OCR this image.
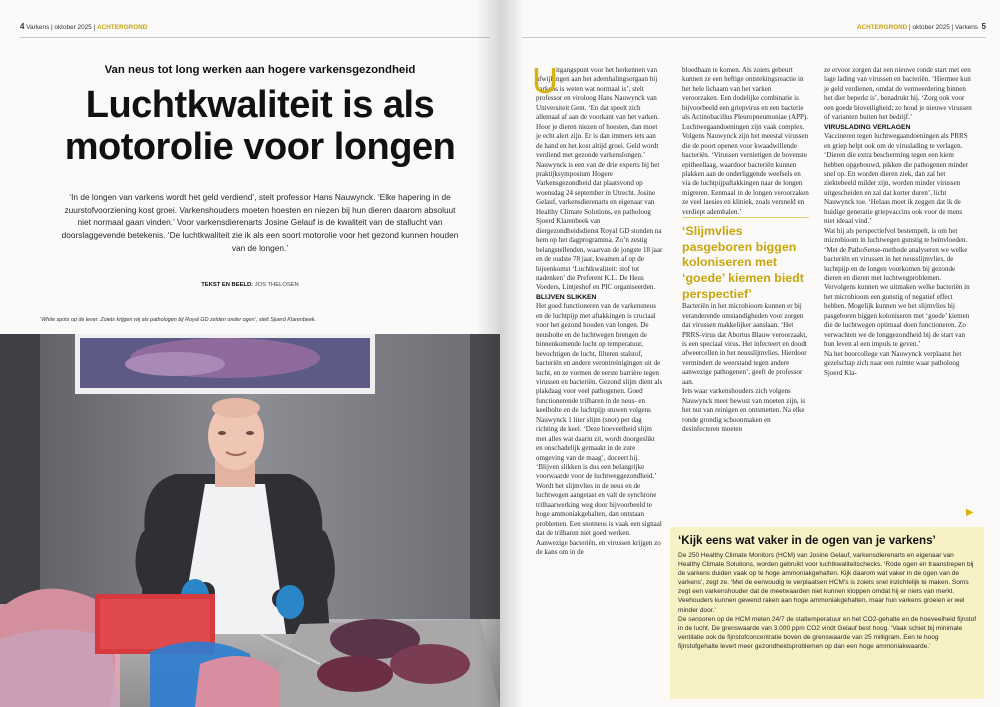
4 Varkens | oktober 2025 | ACHTERGROND
Van neus tot long werken aan hogere varkensgezondheid
Luchtkwaliteit is als
motorolie voor longen

‘In de longen van varkens wordt het geld verdiend’, stelt professor Hans Nauwynck. ‘Elke hapering in de zuurstofvoorziening kost groei. Varkenshouders moeten hoesten en niezen bij hun dieren daarom absoluut niet normaal gaan vinden.’ Voor varkensdierenarts Josine Gelauf is de kwaliteit van de stallucht van doorslaggevende betekenis. ‘De luchtkwaliteit zie ik als een soort motorolie voor het gezond kunnen houden van de longen.’

TEKST EN BEELD: JOS THELOSEN

‘White spots op de lever. Zoiets krijgen wij als pathologen bij Royal GD zelden onder ogen’, stelt Sjoerd Klarenbeek.

ACHTERGROND | oktober 2025 | Varkens 5
U

itgangspunt voor het herkennen van afwijkingen aan het ademhalingsorgaan bij varkens is weten wat normaal is’, stelt professor en viroloog Hans Nauwynck van Universiteit Gent. ‘En dat speelt zich allemaal af aan de voorkant van het varken. Hoor je dieren niezen of hoesten, dan moet je echt alert zijn. Er is dan immers iets aan de hand en het kost altijd groei. Geld wordt verdiend met gezonde varkenslongen.’

Nauwynck is een van de drie experts bij het praktijksymposium Hogere Varkensgezondheid dat plaatsvond op woensdag 24 september in Utrecht. Josine Gelauf, varkensdierenarts en eigenaar van Healthy Climate Solutions, en patholoog Sjoerd Klarenbeek van diergezondheidsdienst Royal GD stonden na hem op het dagprogramma. Zo’n zestig belangstellenden, waarvan de jongste 18 jaar en de oudste 78 jaar, kwamen af op de bijeenkomst ‘Luchtkwaliteit: stof tot nadenken’ die Preferent K.L. De Heus Voeders, Lintjeshof en PIC organiseerden.

BLIJVEN SLIKKEN

Het goed functioneren van de varkensneus en de luchtpijp met aftakkingen is cruciaal voor het gezond houden van longen. De neusholte en de luchtwegen brengen de binnenkomende lucht op temperatuur, bevochtigen de lucht, filteren stalstof, bacteriën en andere verontreinigingen uit de lucht, en ze vormen de eerste barrière tegen virussen en bacteriën. Gezond slijm dient als plakdaag voor veel pathogenen. Goed functionerende trilharen in de neus- en keelholte en de luchtpijp stuwen volgens Nauwynck 1 liter slijm (snot) per dag richting de keel. ‘Deze hoeveelheid slijm met alles wat daarin zit, wordt doorgeslikt en onschadelijk gemaakt in de zure omgeving van de maag’, doceert hij. ‘Blijven slikken is dus een belangrijke voorwaarde voor de luchtweggezondheid.’

Wordt het slijmvlies in de neus en de luchtwegen aangetast en valt de synchrone trilhaarwerking weg door bijvoorbeeld te hoge ammoniakgehalten, dan ontstaan problemen. Een snotneus is vaak een signaal dat de trilharen niet goed werken. Aanwezige bacteriën, en virussen krijgen zo de kans om in de

bloedbaan te komen. Als zoiets gebeurt kunnen ze een heftige ontstekingsreactie in het hele lichaam van het varken veroorzaken. Een dodelijke combinatie is bijvoorbeeld een griepvirus en een bacterie als Actinobacillus Pleuropneumoniae (APP).

Luchtwegaandoeningen zijn vaak complex. Volgens Nauwynck zijn het meestal virussen die de poort openen voor kwaadwillende bacteriën. ‘Virussen vernietigen de bovenste epitheellaag, waardoor bacteriën kunnen plakken aan de onderliggende weefsels en via de luchtpijpaftakkingen naar de longen migreren. Eenmaal in de longen veroorzaken ze veel laesies en kliniek, zoals versneld en verdiept ademhalen.’

‘Slijmvlies pasgeboren biggen koloniseren met ‘goede’ kiemen biedt perspectief’

Bacteriën in het microbioom kunnen er bij veranderende omstandigheden voor zorgen dat virussen makkelijker aanslaan. ‘Het PRRS-virus dat Abortus Blauw veroorzaakt, is een speciaal virus. Het infecteert en doodt afweercellen in het neusslijmvlies. Hierdoor vermindert de weerstand tegen andere aanwezige pathogenen’, geeft de professor aan.

Iets waar varkenshouders zich volgens Nauwynck meer bewust van moeten zijn, is het nut van reinigen en ontsmetten. Na elke ronde grondig schoonmaken en desinfecteren moeten

ze ervoor zorgen dat een nieuwe ronde start met een lage lading van virussen en bacteriën. ‘Hiermee kun je geld verdienen, omdat de vermeerdering binnen het dier beperkt is’, benadrukt hij. ‘Zorg ook voor een goede bioveiligheid; zo houd je nieuwe virussen of varianten buiten het bedrijf.’

VIRUSLADING VERLAGEN

Vaccineren tegen luchtwegaandoeningen als PRRS en griep helpt ook om de viruslading te verlagen. ‘Dieren die extra bescherming tegen een kiem hebben opgebouwd, pikken die pathogenen minder snel op. En worden dieren ziek, dan zal het ziektebeeld milder zijn, worden minder virussen uitgescheiden en zal dat korter duren’, licht Nauwynck toe. ‘Helaas moet ik zeggen dat ik de huidige generatie griepvaccins ook voor de mens niet ideaal vind.’

Wat hij als perspectiefvol bestempelt, is om het microbioom in luchtwegen gunstig te beïnvloeden. ‘Met de PathoSense-methode analyseren we welke bacteriën en virussen in het neusslijmvlies, de luchtpijp en de longen voorkomen bij gezonde dieren en dieren met luchtwegproblemen. Vervolgens kunnen we uitmaken welke bacteriën in het microbioom een gunstig of negatief effect hebben. Mogelijk kunnen we het slijmvlies bij pasgeboren biggen koloniseren met ‘goede’ kiemen die de luchtwegen optimaal doen functioneren. Zo verwachten we de longgezondheid bij de start van hun leven al een impuls te geven.’

Na het boorcollege van Nauwynck verplaatst het gezelschap zich naar een ruimte waar patholoog Sjoerd Kla-

▶
‘Kijk eens wat vaker in de ogen van je varkens’

De 250 Healthy Climate Monitors (HCM) van Josine Gelauf, varkensdierenarts en eigenaar van Healthy Climate Solutions, worden gebruikt voor luchtkwaliteitschecks. ‘Rode ogen en traanstrepen bij de varkens duiden vaak op te hoge ammoniakgehalten. Kijk daarom wat vaker in de ogen van de varkens’, zegt ze. ‘Met de eenvoudig te verplaatsen HCM’s is zoiets snel inzichtelijk te maken. Soms zegt een varkenshouder dat de meetwaarden niet kunnen kloppen omdat hij er niets van merkt. Veehouders kunnen gewend raken aan hoge ammoniakgehalten, maar hun varkens groeien er wel minder door.’

De sensoren op de HCM meten 24/7 de staltemperatuur en het CO2-gehalte en de hoeveelheid fijnstof in de lucht. De grenswaarde van 3.000 ppm CO2 vindt Gelauf best hoog. ‘Vaak schiet bij minimale ventilatie ook de fijnstofconcentratie boven de grenswaarde van 25 milligram. Een te hoog fijnstofgehalte levert meer gezondheidsproblemen op dan een hoge ammoniakwaarde.’
